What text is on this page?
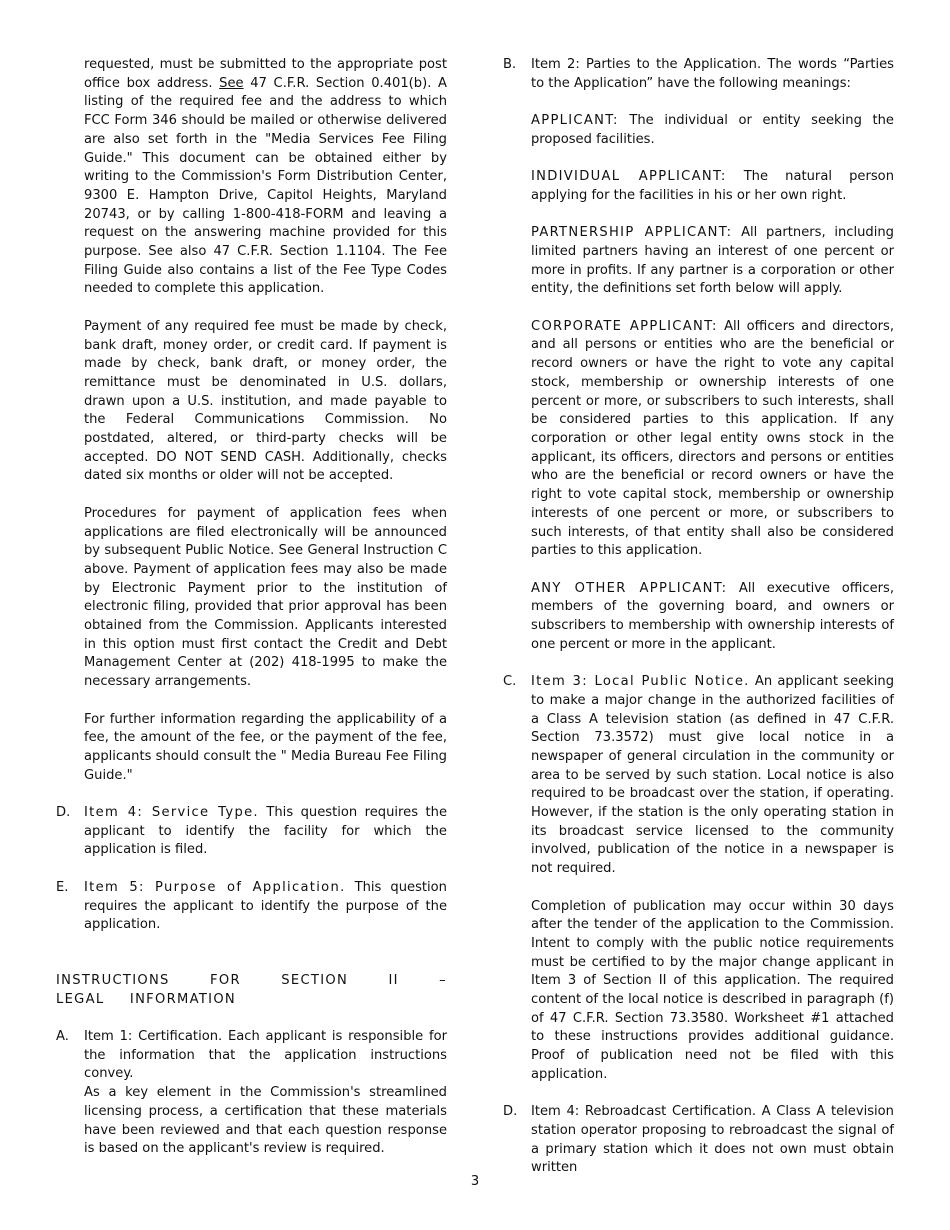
requested, must be submitted to the appropriate post office box address. See 47 C.F.R. Section 0.401(b). A listing of the required fee and the address to which FCC Form 346 should be mailed or otherwise delivered are also set forth in the "Media Services Fee Filing Guide." This document can be obtained either by writing to the Commission's Form Distribution Center, 9300 E. Hampton Drive, Capitol Heights, Maryland 20743, or by calling 1-800-418-FORM and leaving a request on the answering machine provided for this purpose. See also 47 C.F.R. Section 1.1104. The Fee Filing Guide also contains a list of the Fee Type Codes needed to complete this application.

Payment of any required fee must be made by check, bank draft, money order, or credit card. If payment is made by check, bank draft, or money order, the remittance must be denominated in U.S. dollars, drawn upon a U.S. institution, and made payable to the Federal Communications Commission. No postdated, altered, or third-party checks will be accepted. DO NOT SEND CASH. Additionally, checks dated six months or older will not be accepted.

Procedures for payment of application fees when applications are filed electronically will be announced by subsequent Public Notice. See General Instruction C above. Payment of application fees may also be made by Electronic Payment prior to the institution of electronic filing, provided that prior approval has been obtained from the Commission. Applicants interested in this option must first contact the Credit and Debt Management Center at (202) 418-1995 to make the necessary arrangements.

For further information regarding the applicability of a fee, the amount of the fee, or the payment of the fee, applicants should consult the " Media Bureau Fee Filing Guide."

D. Item 4: Service Type. This question requires the applicant to identify the facility for which the application is filed.

E. Item 5: Purpose of Application. This question requires the applicant to identify the purpose of the application.

INSTRUCTIONS FOR SECTION II – LEGAL INFORMATION

A. Item 1: Certification. Each applicant is responsible for the information that the application instructions convey.

As a key element in the Commission's streamlined licensing process, a certification that these materials have been reviewed and that each question response is based on the applicant's review is required.

B. Item 2: Parties to the Application. The words “Parties to the Application” have the following meanings:

APPLICANT: The individual or entity seeking the proposed facilities.

INDIVIDUAL APPLICANT: The natural person applying for the facilities in his or her own right.

PARTNERSHIP APPLICANT: All partners, including limited partners having an interest of one percent or more in profits. If any partner is a corporation or other entity, the definitions set forth below will apply.

CORPORATE APPLICANT: All officers and directors, and all persons or entities who are the beneficial or record owners or have the right to vote any capital stock, membership or ownership interests of one percent or more, or subscribers to such interests, shall be considered parties to this application. If any corporation or other legal entity owns stock in the applicant, its officers, directors and persons or entities who are the beneficial or record owners or have the right to vote capital stock, membership or ownership interests of one percent or more, or subscribers to such interests, of that entity shall also be considered parties to this application.

ANY OTHER APPLICANT: All executive officers, members of the governing board, and owners or subscribers to membership with ownership interests of one percent or more in the applicant.

C. Item 3: Local Public Notice. An applicant seeking to make a major change in the authorized facilities of a Class A television station (as defined in 47 C.F.R. Section 73.3572) must give local notice in a newspaper of general circulation in the community or area to be served by such station. Local notice is also required to be broadcast over the station, if operating. However, if the station is the only operating station in its broadcast service licensed to the community involved, publication of the notice in a newspaper is not required.

Completion of publication may occur within 30 days after the tender of the application to the Commission. Intent to comply with the public notice requirements must be certified to by the major change applicant in Item 3 of Section II of this application. The required content of the local notice is described in paragraph (f) of 47 C.F.R. Section 73.3580. Worksheet #1 attached to these instructions provides additional guidance. Proof of publication need not be filed with this application.

D. Item 4: Rebroadcast Certification. A Class A television station operator proposing to rebroadcast the signal of a primary station which it does not own must obtain written

3
